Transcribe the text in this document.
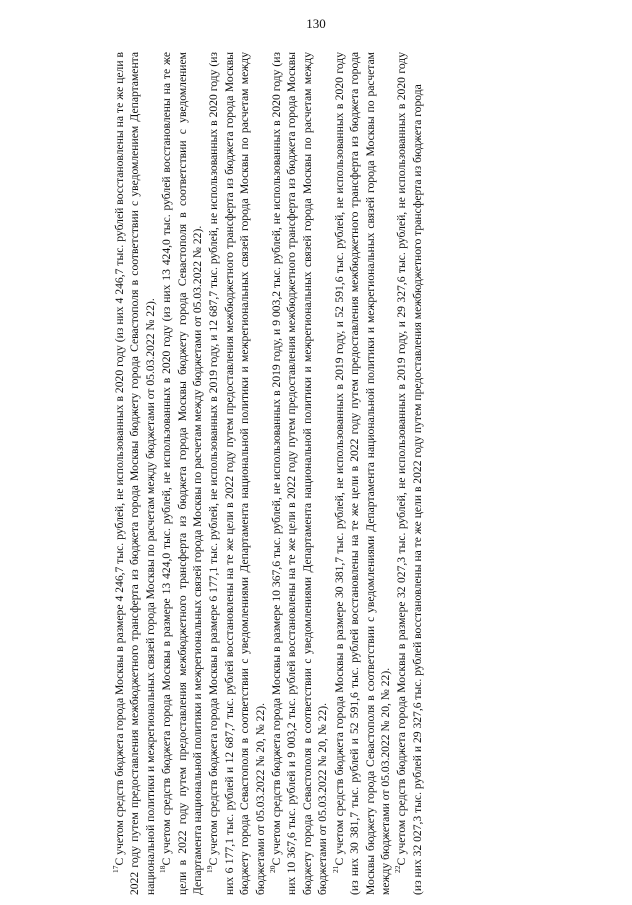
130

$^{17}$С учетом средств бюджета города Москвы в размере 4 246,7 тыс. рублей, не использованных в 2020 году (из них 4 246,7 тыс. рублей восстановлены на те же цели в 2022 году путем предоставления межбюджетного трансферта из бюджета города Москвы бюджету города Севастополя в соответствии с уведомлением Департамента национальной политики и межрегиональных связей города Москвы по расчетам между бюджетами от 05.03.2022 № 22). $^{18}$С учетом средств бюджета города Москвы в размере 13 424,0 тыс. рублей, не использованных в 2020 году (из них 13 424,0 тыс. рублей восстановлены на те же цели в 2022 году путем предоставления межбюджетного трансферта из бюджета города Москвы бюджету города Севастополя в соответствии с уведомлением Департамента национальной политики и межрегиональных связей города Москвы по расчетам между бюджетами от 05.03.2022 № 22). $^{19}$С учетом средств бюджета города Москвы в размере 6 177,1 тыс. рублей, не использованных в 2019 году, и 12 687,7 тыс. рублей, не использованных в 2020 году (из них 6 177,1 тыс. рублей и 12 687,7 тыс. рублей восстановлены на те же цели в 2022 году путем предоставления межбюджетного трансферта из бюджета города Москвы бюджету города Севастополя в соответствии с уведомлениями Департамента национальной политики и межрегиональных связей города Москвы по расчетам между бюджетами от 05.03.2022 № 20, № 22). $^{20}$С учетом средств бюджета города Москвы в размере 10 367,6 тыс. рублей, не использованных в 2019 году, и 9 003,2 тыс. рублей, не использованных в 2020 году (из них 10 367,6 тыс. рублей и 9 003,2 тыс. рублей восстановлены на те же цели в 2022 году путем предоставления межбюджетного трансферта из бюджета города Москвы бюджету города Севастополя в соответствии с уведомлениями Департамента национальной политики и межрегиональных связей города Москвы по расчетам между бюджетами от 05.03.2022 № 20, № 22). $^{21}$С учетом средств бюджета города Москвы в размере 30 381,7 тыс. рублей, не использованных в 2019 году, и 52 591,6 тыс. рублей, не использованных в 2020 году (из них 30 381,7 тыс. рублей и 52 591,6 тыс. рублей восстановлены на те же цели в 2022 году путем предоставления межбюджетного трансферта из бюджета города Москвы бюджету города Севастополя в соответствии с уведомлениями Департамента национальной политики и межрегиональных связей города Москвы по расчетам между бюджетами от 05.03.2022 № 20, № 22). $^{22}$С учетом средств бюджета города Москвы в размере 32 027,3 тыс. рублей, не использованных в 2019 году, и 29 327,6 тыс. рублей, не использованных в 2020 году (из них 32 027,3 тыс. рублей и 29 327,6 тыс. рублей восстановлены на те же цели в 2022 году путем предоставления межбюджетного трансферта из бюджета города
